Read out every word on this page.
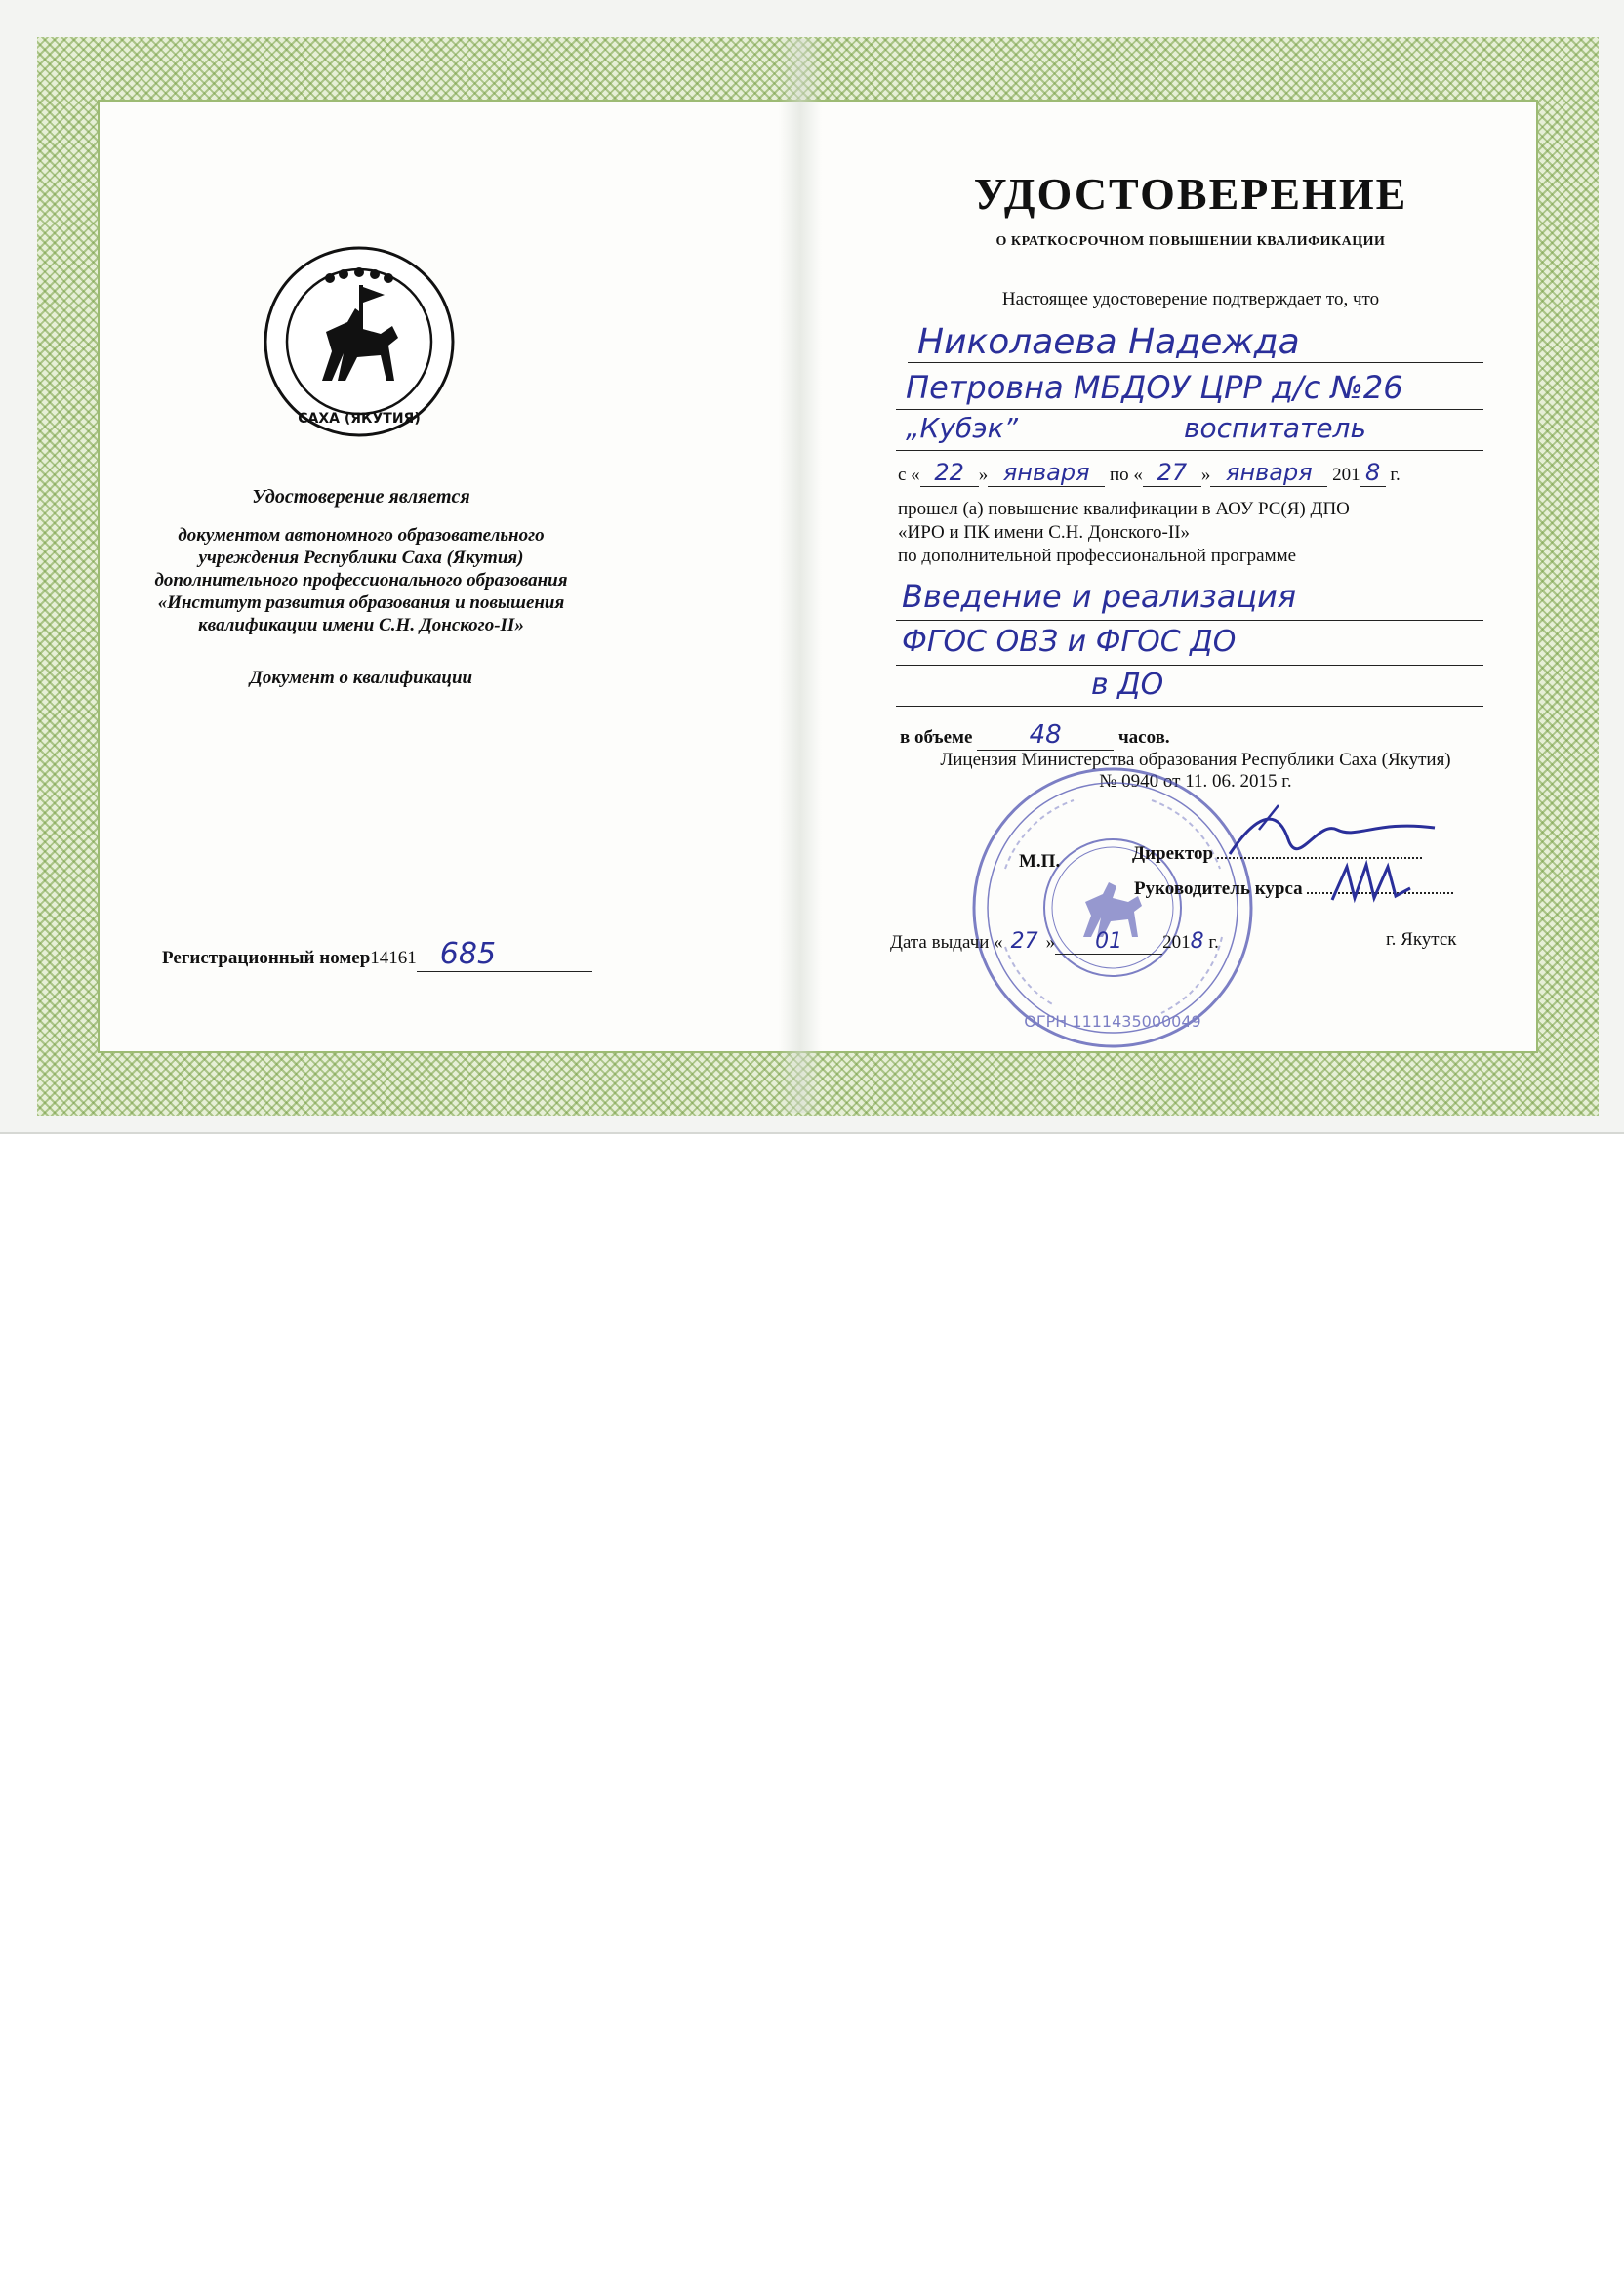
САХА (ЯКУТИЯ)
Удостоверение является
документом автономного образовательного
учреждения Республики Саха (Якутия)
дополнительного профессионального образования
«Институт развития образования и повышения
квалификации имени С.Н. Донского-II»
Документ о квалификации
Регистрационный номер14161 685
УДОСТОВЕРЕНИЕ
О КРАТКОСРОЧНОМ ПОВЫШЕНИИ КВАЛИФИКАЦИИ
Настоящее удостоверение подтверждает то, что
Николаева Надежда
Петровна МБДОУ ЦРР д/с №26
„Кубэк”	воспитатель
с « 22 » января по « 27 » января 201 8 г.
прошел (а) повышение квалификации в АОУ РС(Я) ДПО
«ИРО и ПК имени С.Н. Донского-II»
по дополнительной профессиональной программе
Введение и реализация
ФГОС ОВЗ и ФГОС ДО
в ДО
в объеме 48	часов.
Лицензия Министерства образования Республики Саха (Якутия)
№ 0940 от 11. 06. 2015 г.
ОГРН 1111435000049
М.П.	Директор
Руководитель курса
Дата выдачи « 27 » 01 2018 г.	г. Якутск
